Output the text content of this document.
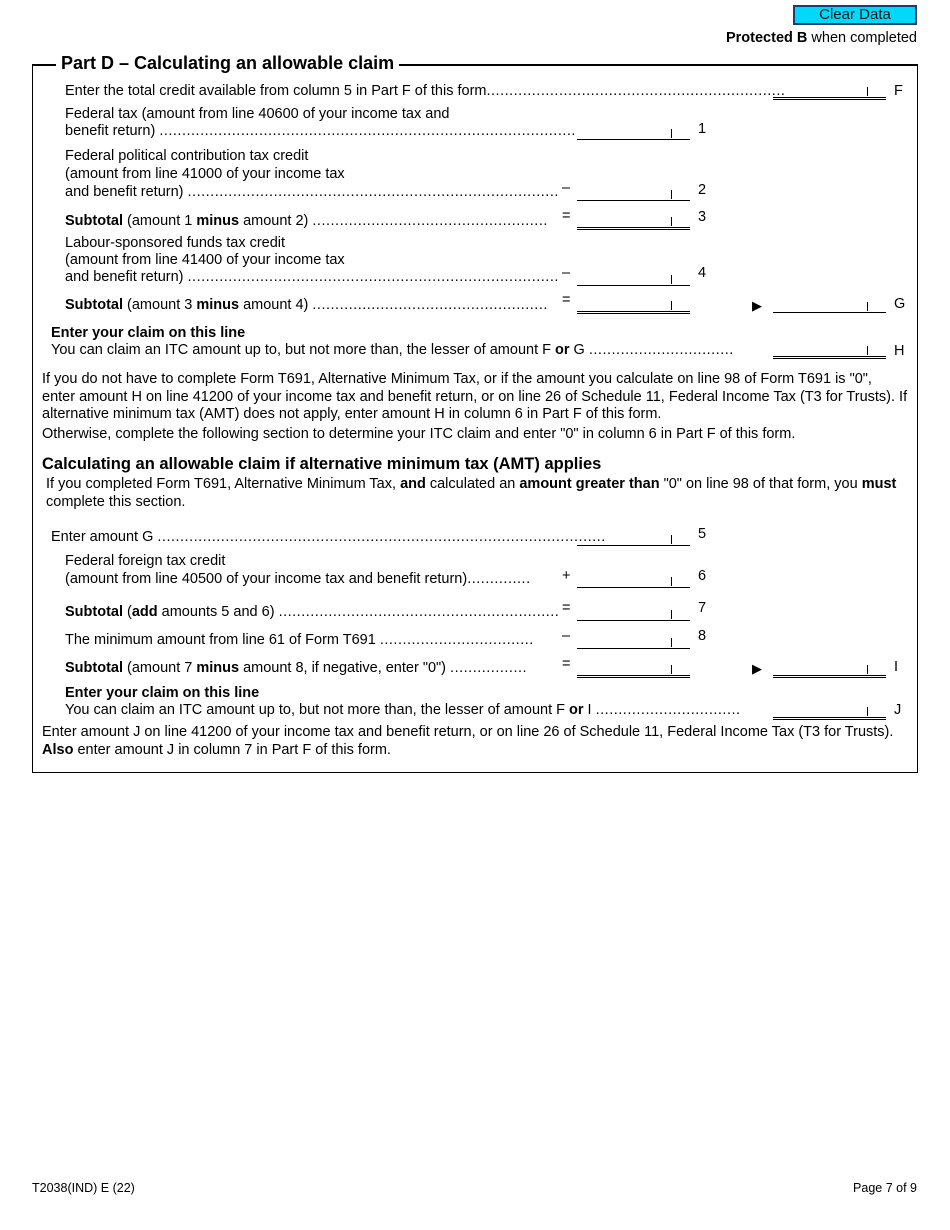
Clear Data
Protected B when completed
Part D – Calculating an allowable claim
Enter the total credit available from column 5 in Part F of this form..................................................................	F
Federal tax (amount from line 40600 of your income tax and
benefit return) ............................................................................................	1
Federal political contribution tax credit
(amount from line 41000 of your income tax
and benefit return) .................................................................................. –	2
Subtotal (amount 1 minus amount 2) .................................................... =	3
Labour-sponsored funds tax credit
(amount from line 41400 of your income tax
and benefit return) .................................................................................. –	4
Subtotal (amount 3 minus amount 4) .................................................... =	▶	G
Enter your claim on this line
You can claim an ITC amount up to, but not more than, the lesser of amount F or G ................................	H
If you do not have to complete Form T691, Alternative Minimum Tax, or if the amount you calculate on line 98 of Form T691 is "0", enter amount H on line 41200 of your income tax and benefit return, or on line 26 of Schedule 11, Federal Income Tax (T3 for Trusts). If alternative minimum tax (AMT) does not apply, enter amount H in column 6 in Part F of this form.
Otherwise, complete the following section to determine your ITC claim and enter "0" in column 6 in Part F of this form.
Calculating an allowable claim if alternative minimum tax (AMT) applies
If you completed Form T691, Alternative Minimum Tax, and calculated an amount greater than "0" on line 98 of that form, you must complete this section.
Enter amount G ...................................................................................................	5
Federal foreign tax credit
(amount from line 40500 of your income tax and benefit return).............. +	6
Subtotal (add amounts 5 and 6) .............................................................. =	7
The minimum amount from line 61 of Form T691 .................................. –	8
Subtotal (amount 7 minus amount 8, if negative, enter "0") ................. =	▶	I
Enter your claim on this line
You can claim an ITC amount up to, but not more than, the lesser of amount F or I ................................	J
Enter amount J on line 41200 of your income tax and benefit return, or on line 26 of Schedule 11, Federal Income Tax (T3 for Trusts). Also enter amount J in column 7 in Part F of this form.
T2038(IND) E (22)	Page 7 of 9
